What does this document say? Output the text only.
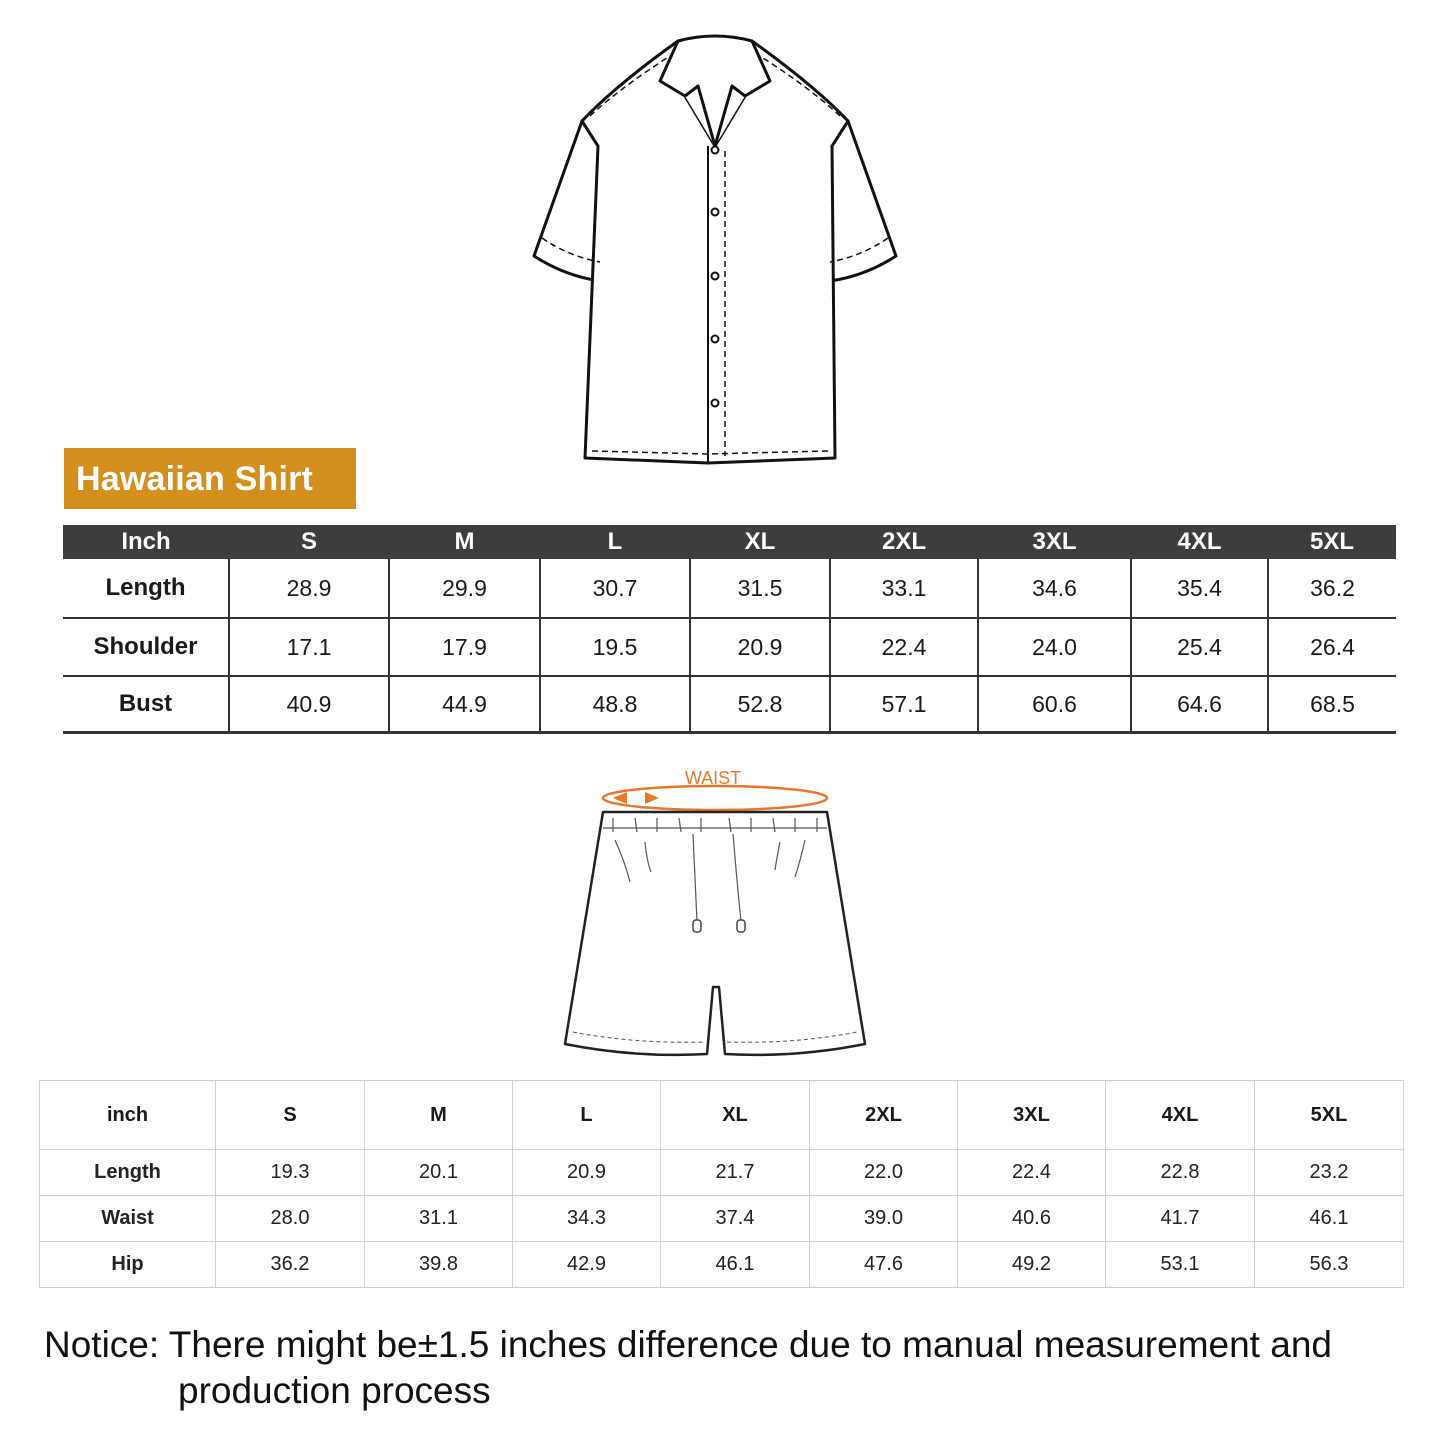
Hawaiian Shirt
Inch	S	M	L	XL	2XL	3XL	4XL	5XL
Length	28.9	29.9	30.7	31.5	33.1	34.6	35.4	36.2
Shoulder	17.1	17.9	19.5	20.9	22.4	24.0	25.4	26.4
Bust	40.9	44.9	48.8	52.8	57.1	60.6	64.6	68.5
WAIST
inch	S	M	L	XL	2XL	3XL	4XL	5XL
Length	19.3	20.1	20.9	21.7	22.0	22.4	22.8	23.2
Waist	28.0	31.1	34.3	37.4	39.0	40.6	41.7	46.1
Hip	36.2	39.8	42.9	46.1	47.6	49.2	53.1	56.3
Notice: There might be±1.5 inches difference due to manual measurement and
production process
